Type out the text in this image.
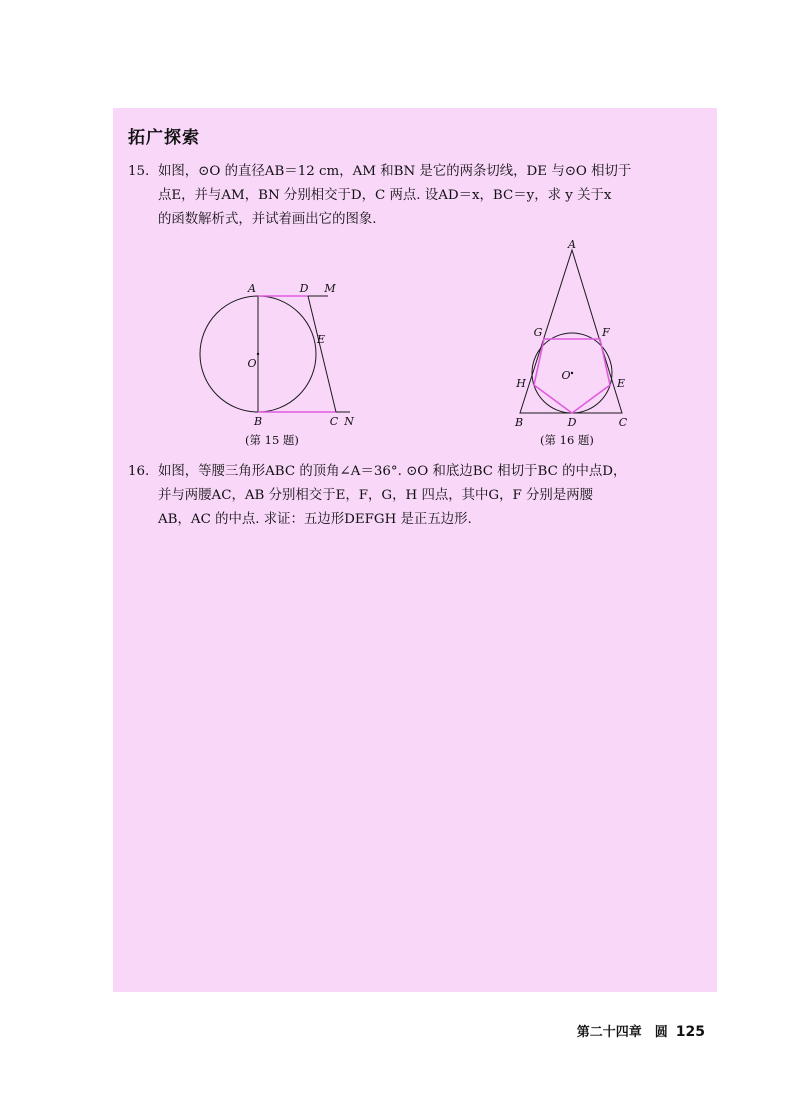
拓广探索
15. 如图，⊙O 的直径AB＝12 cm，AM 和BN 是它的两条切线，DE 与⊙O 相切于
点E，并与AM，BN 分别相交于D，C 两点. 设AD＝x，BC＝y，求 y 关于x
的函数解析式，并试着画出它的图象.
A	D M
E
O
B	C N
(第 15 题)
A
G	F
O
H	E
B	D	C
(第 16 题)
16. 如图，等腰三角形ABC 的顶角∠A＝36°. ⊙O 和底边BC 相切于BC 的中点D，
并与两腰AC，AB 分别相交于E，F，G，H 四点，其中G，F 分别是两腰
AB，AC 的中点. 求证：五边形DEFGH 是正五边形.
第二十四章　圆 125
